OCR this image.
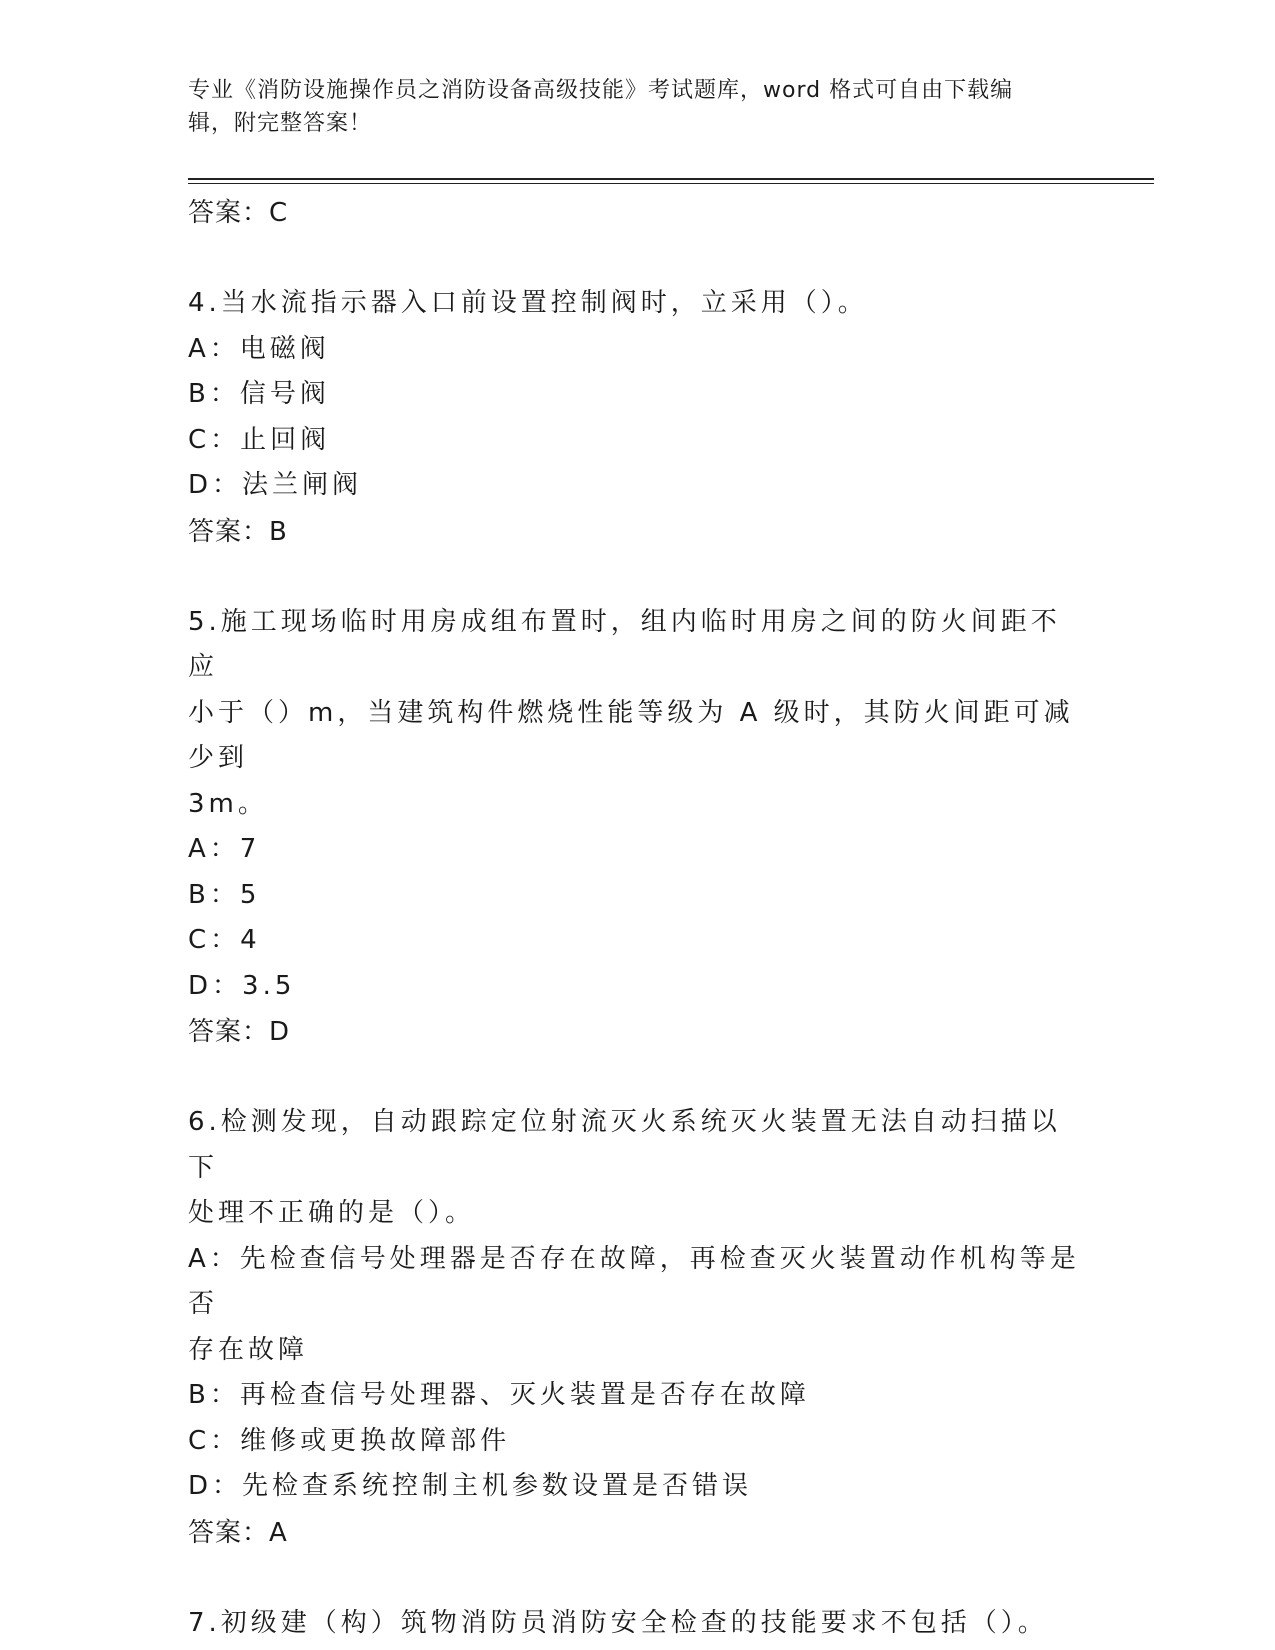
专业《消防设施操作员之消防设备高级技能》考试题库，word 格式可自由下载编
辑，附完整答案！
答案：C
4.当水流指示器入口前设置控制阀时，立采用（）。
A：电磁阀
B：信号阀
C：止回阀
D：法兰闸阀
答案：B
5.施工现场临时用房成组布置时，组内临时用房之间的防火间距不应
小于（）m，当建筑构件燃烧性能等级为 A 级时，其防火间距可减少到
3m。
A：7
B：5
C：4
D：3.5
答案：D
6.检测发现，自动跟踪定位射流灭火系统灭火装置无法自动扫描以下
处理不正确的是（）。
A：先检查信号处理器是否存在故障，再检查灭火装置动作机构等是否
存在故障
B：再检查信号处理器、灭火装置是否存在故障
C：维修或更换故障部件
D：先检查系统控制主机参数设置是否错误
答案：A
7.初级建（构）筑物消防员消防安全检查的技能要求不包括（）。
